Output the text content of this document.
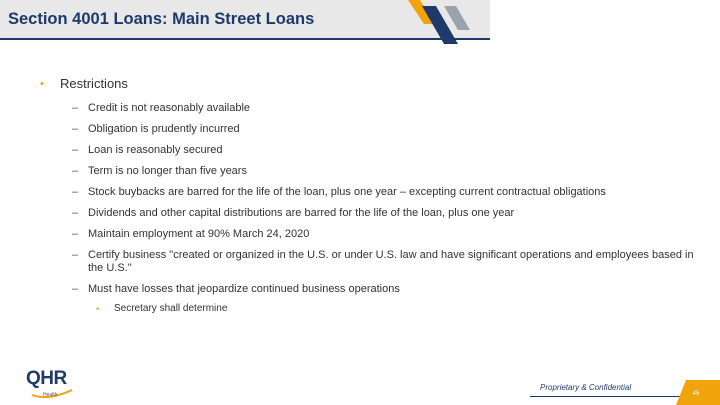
Section 4001 Loans: Main Street Loans
• Restrictions
– Credit is not reasonably available
– Obligation is prudently incurred
– Loan is reasonably secured
– Term is no longer than five years
– Stock buybacks are barred for the life of the loan, plus one year – excepting current contractual obligations
– Dividends and other capital distributions are barred for the life of the loan, plus one year
– Maintain employment at 90% March 24, 2020
– Certify business "created or organized in the U.S. or under U.S. law and have significant operations and employees based in the U.S."
– Must have losses that jeopardize continued business operations
• Secretary shall determine
QHR
Health
Proprietary & Confidential
45
